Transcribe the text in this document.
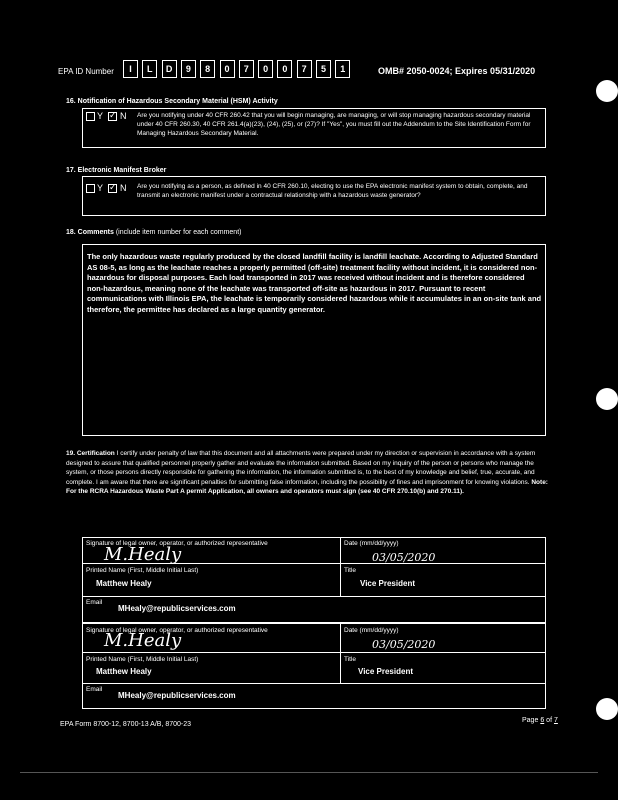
EPA ID Number	I	L	D	9	8	0	7	0	0	7	5	1	OMB# 2050-0024; Expires 05/31/2020
16. Notification of Hazardous Secondary Material (HSM) Activity
Y ✓ N Are you notifying under 40 CFR 260.42 that you will begin managing, are managing, or will stop managing hazardous secondary material under 40 CFR 260.30, 40 CFR 261.4(a)(23), (24), (25), or (27)? If "Yes", you must fill out the Addendum to the Site Identification Form for Managing Hazardous Secondary Material.
17. Electronic Manifest Broker
Y ✓ N Are you notifying as a person, as defined in 40 CFR 260.10, electing to use the EPA electronic manifest system to obtain, complete, and transmit an electronic manifest under a contractual relationship with a hazardous waste generator?
18. Comments (include item number for each comment)
The only hazardous waste regularly produced by the closed landfill facility is landfill leachate. According to Adjusted Standard AS 08-5, as long as the leachate reaches a properly permitted (off-site) treatment facility without incident, it is considered non-hazardous for disposal purposes. Each load transported in 2017 was received without incident and is therefore considered non-hazardous, meaning none of the leachate was transported off-site as hazardous in 2017. Pursuant to recent communications with Illinois EPA, the leachate is temporarily considered hazardous while it accumulates in an on-site tank and therefore, the permittee has declared as a large quantity generator.
19. Certification I certify under penalty of law that this document and all attachments were prepared under my direction or supervision in accordance with a system designed to assure that qualified personnel properly gather and evaluate the information submitted. Based on my inquiry of the person or persons who manage the system, or those persons directly responsible for gathering the information, the information submitted is, to the best of my knowledge and belief, true, accurate, and complete. I am aware that there are significant penalties for submitting false information, including the possibility of fines and imprisonment for knowing violations. Note: For the RCRA Hazardous Waste Part A permit Application, all owners and operators must sign (see 40 CFR 270.10(b) and 270.11).
Signature of legal owner, operator, or authorized representative
M.Healy
Date (mm/dd/yyyy)
03/05/2020
Printed Name (First, Middle Initial Last)
Matthew Healy
Title
Vice President
Email
MHealy@republicservices.com
Signature of legal owner, operator, or authorized representative
M.Healy	Date (mm/dd/yyyy)
03/05/2020
Printed Name (First, Middle Initial Last)
Matthew Healy
Title
Vice President
Email
MHealy@republicservices.com
EPA Form 8700-12, 8700-13 A/B, 8700-23
Page 6 of 7
